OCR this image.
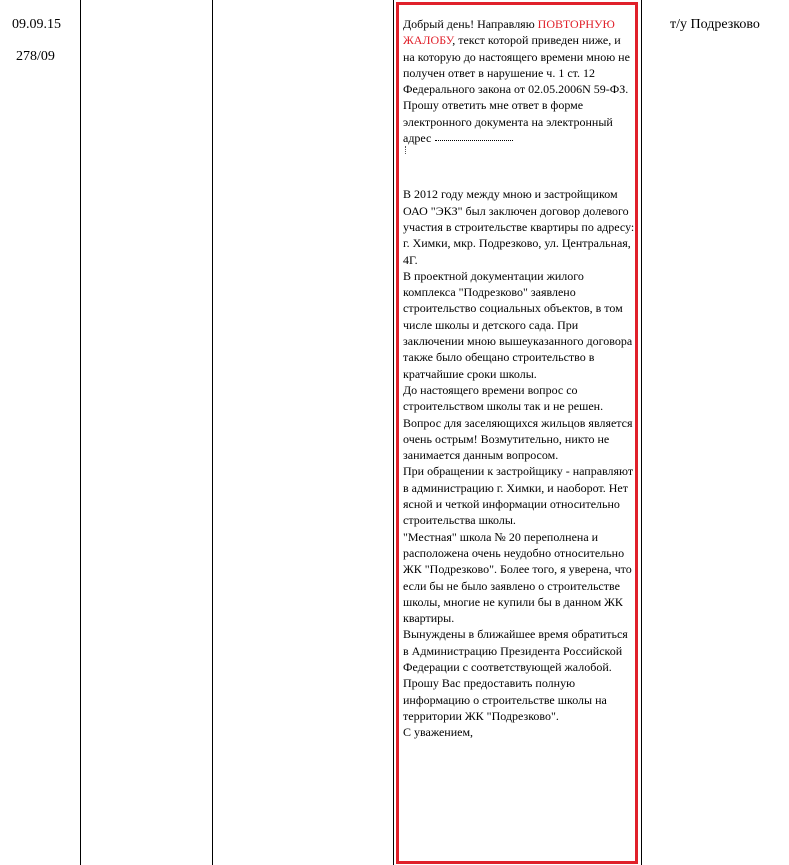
09.09.15
278/09
т/у Подрезково

Добрый день! Направляю ПОВТОРНУЮ ЖАЛОБУ, текст которой приведен ниже, и на которую до настоящего времени мною не получен ответ в нарушение ч. 1 ст. 12 Федерального закона от 02.05.2006N 59-ФЗ.

Прошу ответить мне ответ в форме электронного документа на электронный адрес

В 2012 году между мною и застройщиком ОАО "ЭКЗ" был заключен договор долевого участия в строительстве квартиры по адресу: г. Химки, мкр. Подрезково, ул. Центральная, 4Г.

В проектной документации жилого комплекса "Подрезково" заявлено строительство социальных объектов, в том числе школы и детского сада. При заключении мною вышеуказанного договора также было обещано строительство в кратчайшие сроки школы.

До настоящего времени вопрос со строительством школы так и не решен. Вопрос для заселяющихся жильцов является очень острым! Возмутительно, никто не занимается данным вопросом.

При обращении к застройщику - направляют в администрацию г. Химки, и наоборот. Нет ясной и четкой информации относительно строительства школы.

"Местная" школа № 20 переполнена и расположена очень неудобно относительно ЖК "Подрезково". Более того, я уверена, что если бы не было заявлено о строительстве школы, многие не купили бы в данном ЖК квартиры.

Вынуждены в ближайшее время обратиться в Администрацию Президента Российской Федерации с соответствующей жалобой.

Прошу Вас предоставить полную информацию о строительстве школы на территории ЖК "Подрезково".

С уважением,
